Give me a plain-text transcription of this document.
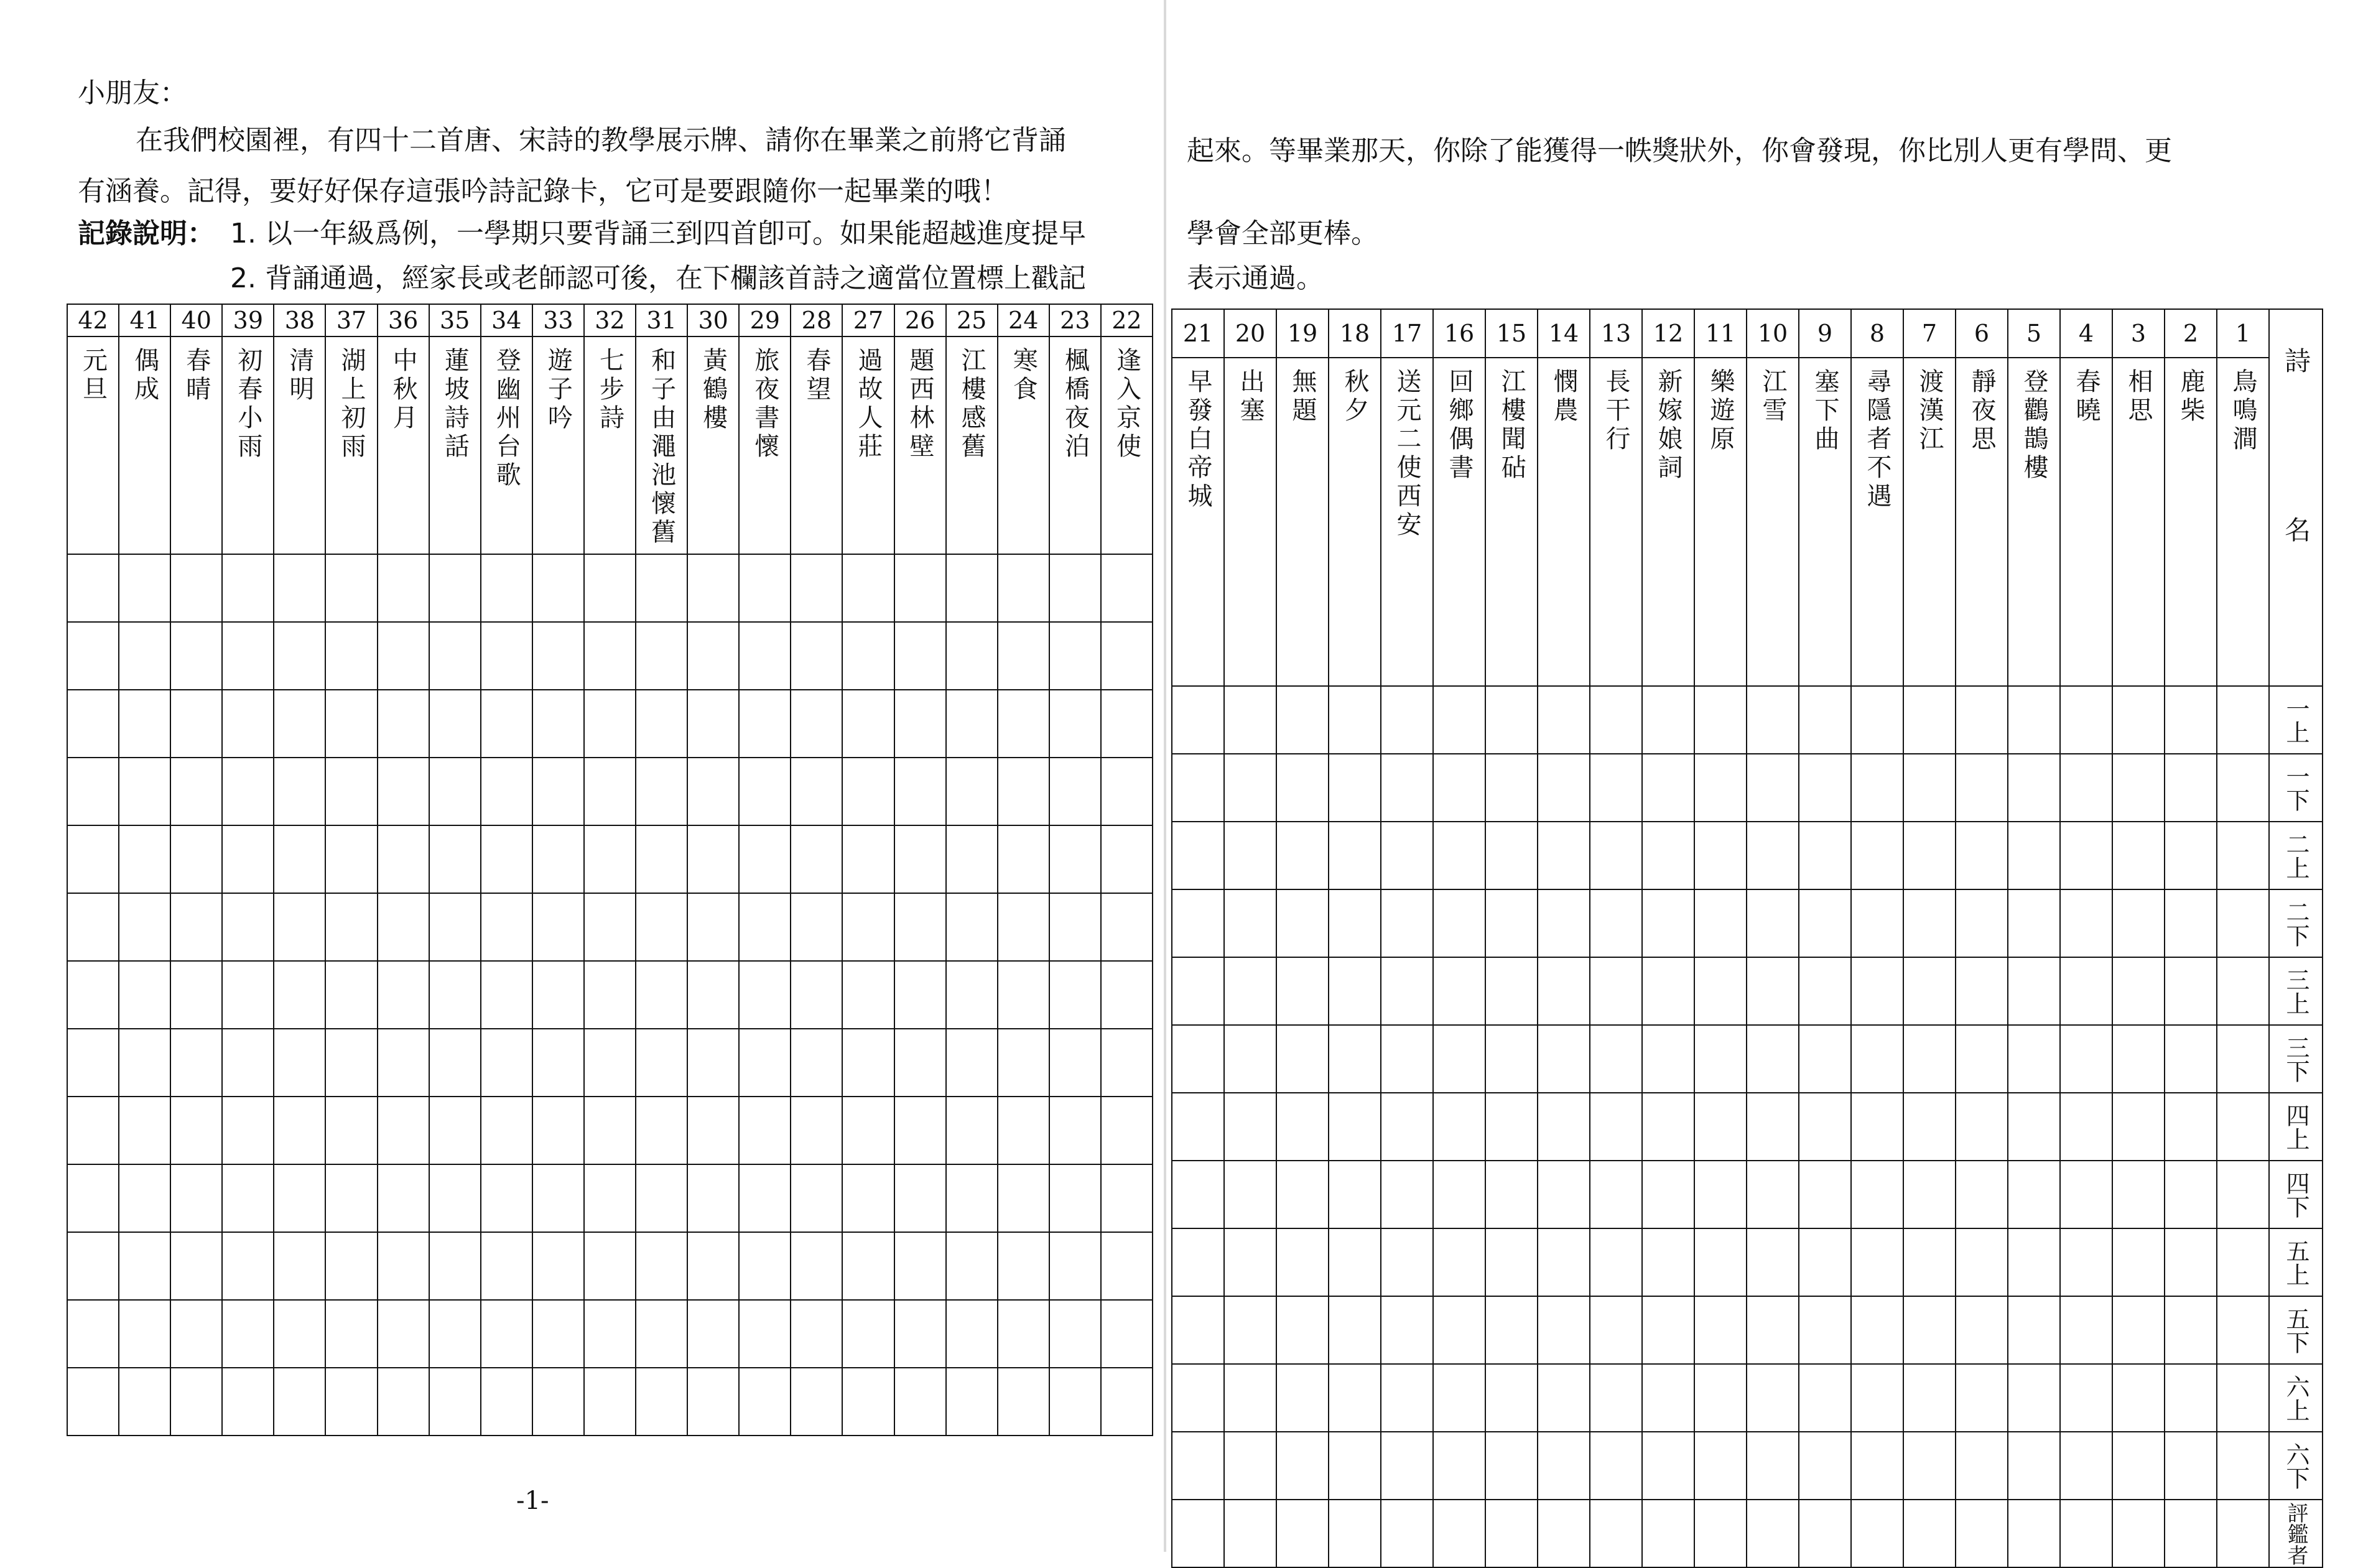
小朋友：
在我們校園裡，有四十二首唐、宋詩的教學展示牌、請你在畢業之前將它背誦	起來。等畢業那天，你除了能獲得一帙獎狀外，你會發現，你比別人更有學問、更
有涵養。記得，要好好保存這張吟詩記錄卡，它可是要跟隨你一起畢業的哦！
記錄說明： 1. 以一年級爲例，一學期只要背誦三到四首卽可。如果能超越進度提早	學會全部更棒。
2. 背誦通過，經家長或老師認可後，在下欄該首詩之適當位置標上戳記	表示通過。
42	41	40	39	38	37	36	35	34	33	32	31	30	29	28	27	26	25	24	23	22

元旦	偶成	春晴	初春小雨	清明	湖上初雨	中秋月	蓮坡詩話	登幽州台歌	遊子吟	七步詩	和子由澠池懷舊	黃鶴樓	旅夜書懷	春望	過故人莊	題西林壁	江樓感舊	寒食	楓橋夜泊	逢入京使

21	20	19	18	17	16	15	14	13	12	11	10	9	8	7	6	5	4	3	2	1	詩名

早發白帝城	出塞	無題	秋夕	送元二使西安	回鄉偶書	江樓聞砧	憫農	長干行	新嫁娘詞	樂遊原	江雪	塞下曲	尋隱者不遇	渡漢江	靜夜思	登鸛鵲樓	春曉	相思	鹿柴	鳥鳴澗	

																					一上

																					一下

																					二上

																					二下

																					三上

																					三下

																					四上

																					四下

																					五上

																					五下

																					六上

																					六下

																					評鑑者
-1-
